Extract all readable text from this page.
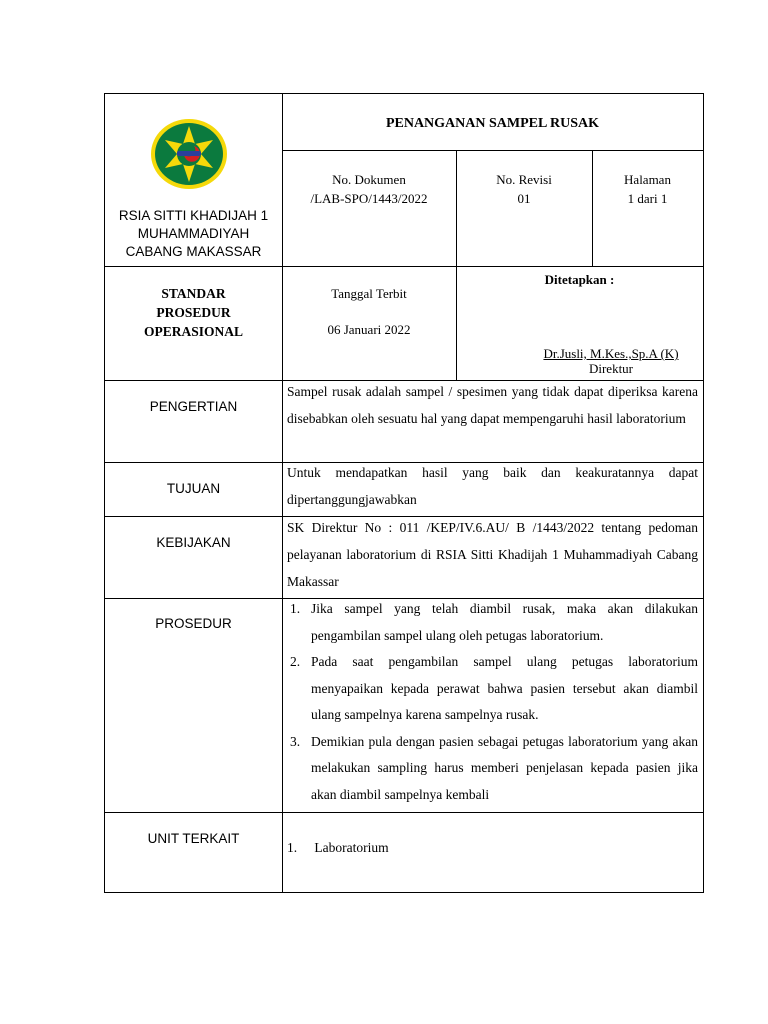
RSIA SITTI KHADIJAH 1
MUHAMMADIYAH
CABANG MAKASSAR
PENANGANAN SAMPEL RUSAK
No. Dokumen
/LAB-SPO/1443/2022
No. Revisi
01
Halaman
1 dari 1
STANDAR
PROSEDUR
OPERASIONAL
Tanggal Terbit
06 Januari 2022
Ditetapkan :
Dr.Jusli, M.Kes.,Sp.A (K)
Direktur
PENGERTIAN
Sampel rusak adalah sampel / spesimen yang tidak dapat diperiksa karena disebabkan oleh sesuatu hal yang dapat mempengaruhi hasil laboratorium
TUJUAN
Untuk mendapatkan hasil yang baik dan keakuratannya dapat dipertanggungjawabkan
KEBIJAKAN
SK Direktur No : 011 /KEP/IV.6.AU/ B /1443/2022 tentang pedoman pelayanan laboratorium di RSIA Sitti Khadijah 1 Muhammadiyah Cabang Makassar
PROSEDUR
1. Jika sampel yang telah diambil rusak, maka akan dilakukan pengambilan sampel ulang oleh petugas laboratorium.
2. Pada saat pengambilan sampel ulang petugas laboratorium menyapaikan kepada perawat bahwa pasien tersebut akan diambil ulang sampelnya karena sampelnya rusak.
3. Demikian pula dengan pasien sebagai petugas laboratorium yang akan melakukan sampling harus memberi penjelasan kepada pasien jika akan diambil sampelnya kembali
UNIT TERKAIT
1. Laboratorium
